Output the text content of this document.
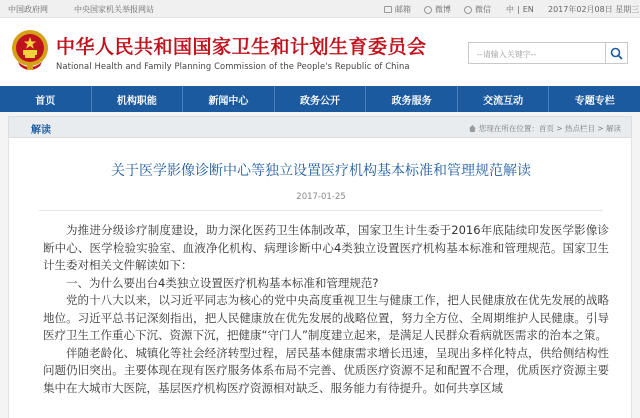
中国政府网	中央国家机关举报网站	邮箱	微博	微信 中 | EN 2017年02月08日 星期三
中华人民共和国国家卫生和计划生育委员会
National Health and Family Planning Commission of the People's Republic of China
--请输入关键字--
首页	机构职能	新闻中心	政务公开	政务服务	交流互动	专题专栏
解读	您现在所在位置：首页 > 热点栏目 > 解读
关于医学影像诊断中心等独立设置医疗机构基本标准和管理规范解读
2017-01-25

为推进分级诊疗制度建设，助力深化医药卫生体制改革，国家卫生计生委于2016年底陆续印发医学影像诊断中心、医学检验实验室、血液净化机构、病理诊断中心4类独立设置医疗机构基本标准和管理规范。国家卫生计生委对相关文件解读如下：

一、为什么要出台4类独立设置医疗机构基本标准和管理规范?

党的十八大以来，以习近平同志为核心的党中央高度重视卫生与健康工作，把人民健康放在优先发展的战略地位。习近平总书记深刻指出，把人民健康放在优先发展的战略位置，努力全方位、全周期维护人民健康。引导医疗卫生工作重心下沉、资源下沉，把健康“守门人”制度建立起来，是满足人民群众看病就医需求的治本之策。

伴随老龄化、城镇化等社会经济转型过程，居民基本健康需求增长迅速，呈现出多样化特点，供给侧结构性问题仍旧突出。主要体现在现有医疗服务体系布局不完善、优质医疗资源不足和配置不合理，优质医疗资源主要集中在大城市大医院，基层医疗机构医疗资源相对缺乏、服务能力有待提升。如何共享区域
